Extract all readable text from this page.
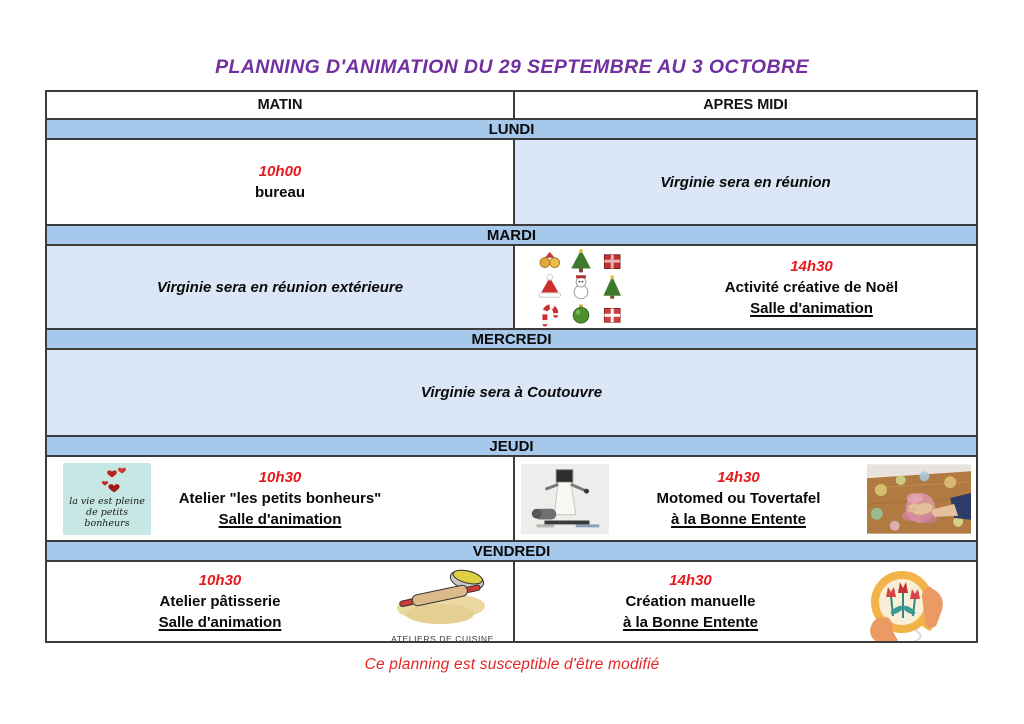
PLANNING D'ANIMATION DU 29 SEPTEMBRE AU 3 OCTOBRE
MATIN	APRES MIDI
LUNDI
10h00
bureau
Virginie sera en réunion
MARDI
Virginie sera en réunion extérieure
14h30
Activité créative de Noël
Salle d'animation
MERCREDI
Virginie sera à Coutouvre
JEUDI
la vie est pleine
de petits bonheurs
10h30
Atelier "les petits bonheurs"
Salle d'animation
14h30
Motomed ou Tovertafel
à la Bonne Entente
VENDREDI
10h30
Atelier pâtisserie
Salle d'animation
ATELIERS DE CUISINE
14h30
Création manuelle
à la Bonne Entente
Ce planning est susceptible d'être modifié
